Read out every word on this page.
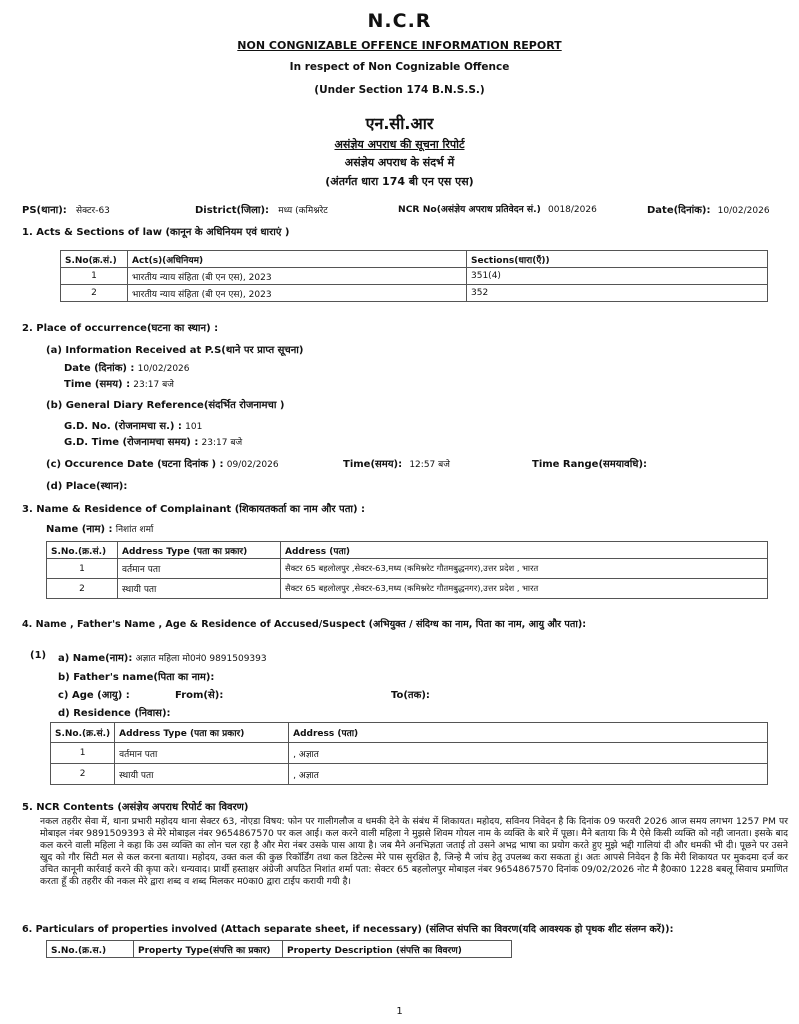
N.C.R
NON CONGNIZABLE OFFENCE INFORMATION REPORT
In respect of Non Cognizable Offence
(Under Section 174 B.N.S.S.)
एन.सी.आर
असंज्ञेय अपराध की सूचना रिपोर्ट
असंज्ञेय अपराध के संदर्भ में
(अंतर्गत धारा 174 बी एन एस एस)
PS(थाना): सेक्टर-63	District(जिला): मध्य (कमिश्नरेट	NCR No(असंज्ञेय अपराध प्रतिवेदन सं.) 0018/2026	Date(दिनांक): 10/02/2026
1. Acts & Sections of law (कानून के अधिनियम एवं धाराएं )
S.No(क्र.सं.)	Act(s)(अधिनियम)	Sections(धारा(एँ))
1	भारतीय न्याय संहिता (बी एन एस), 2023	351(4)
2	भारतीय न्याय संहिता (बी एन एस), 2023	352
2. Place of occurrence(घटना का स्थान) :
(a) Information Received at P.S(थाने पर प्राप्त सूचना)
Date (दिनांक) : 10/02/2026
Time (समय) : 23:17 बजे
(b) General Diary Reference(संदर्भित रोजनामचा )
G.D. No. (रोजनामचा स.) : 101
G.D. Time (रोजनामचा समय) : 23:17 बजे
(c) Occurence Date (घटना दिनांक ) : 09/02/2026	Time(समय): 12:57 बजे	Time Range(समयावधि):
(d) Place(स्थान):
3. Name & Residence of Complainant (शिकायतकर्ता का नाम और पता) :
Name (नाम) : निशांत शर्मा
S.No.(क्र.सं.)	Address Type (पता का प्रकार)	Address (पता)
1	वर्तमान पता	सैक्टर 65 बहलोलपुर ,सेक्टर-63,मध्य (कमिश्नरेट गौतमबुद्धनगर),उत्तर प्रदेश , भारत
2	स्थायी पता	सैक्टर 65 बहलोलपुर ,सेक्टर-63,मध्य (कमिश्नरेट गौतमबुद्धनगर),उत्तर प्रदेश , भारत
4. Name , Father's Name , Age & Residence of Accused/Suspect (अभियुक्त / संदिग्ध का नाम, पिता का नाम, आयु और पता):
(1) a) Name(नाम): अज्ञात महिला मो0नं0 9891509393
b) Father's name(पिता का नाम):
c) Age (आयु) :	From(से):	To(तक):
d) Residence (निवास):
S.No.(क्र.सं.)	Address Type (पता का प्रकार)	Address (पता)
1	वर्तमान पता	, अज्ञात
2	स्थायी पता	, अज्ञात
5. NCR Contents (असंज्ञेय अपराध रिपोर्ट का विवरण)
नकल तहरीर सेवा में, थाना प्रभारी महोदय थाना सेक्टर 63, नोएडा विषय: फोन पर गालीगलौज व धमकी देने के संबंध में शिकायत। महोदय, सविनय निवेदन है कि दिनांक 09 फरवरी 2026 आज समय लगभग 1257 PM पर मोबाइल नंबर 9891509393 से मेरे मोबाइल नंबर 9654867570 पर कल आई। कल करने वाली महिला ने मुझसे शिवम गोयल नाम के व्यक्ति के बारे में पूछा। मैने बताया कि मै ऐसे किसी व्यक्ति को नही जानता। इसके बाद कल करने वाली महिला ने कहा कि उस व्यक्ति का लोन चल रहा है और मेरा नंबर उसके पास आया है। जब मैने अनभिज्ञता जताई तो उसने अभद्र भाषा का प्रयोग करते हुए मुझे भद्दी गालियां दी और धमकी भी दी। पूछने पर उसने खुद को गौर सिटी मल से कल करना बताया। महोदय, उक्त कल की कुछ रिकॉर्डिंग तथा कल डिटेल्स मेरे पास सुरक्षित है, जिन्हे मै जांच हेतु उपलब्ध करा सकता हूं। अतः आपसे निवेदन है कि मेरी शिकायत पर मुकदमा दर्ज कर उचित कानूनी कार्रवाई करने की कृपा करे। धन्यवाद। प्रार्थी हस्ताक्षर अंग्रेजी अपठित निशांत शर्मा पता: सेक्टर 65 बहलोलपुर मोबाइल नंबर 9654867570 दिनांक 09/02/2026 नोट मै है0का0 1228 बबलू सिवाच प्रमाणित करता हूँ की तहरीर की नकल मेरे द्वारा शब्द व शब्द मिलकर म0का0 द्वारा टाईप करायी गयी है।
6. Particulars of properties involved (Attach separate sheet, if necessary) (संलिप्त संपत्ति का विवरण(यदि आवश्यक हो पृथक शीट संलग्न करें)):
S.No.(क्र.स.)	Property Type(संपत्ति का प्रकार)	Property Description (संपत्ति का विवरण)
1
